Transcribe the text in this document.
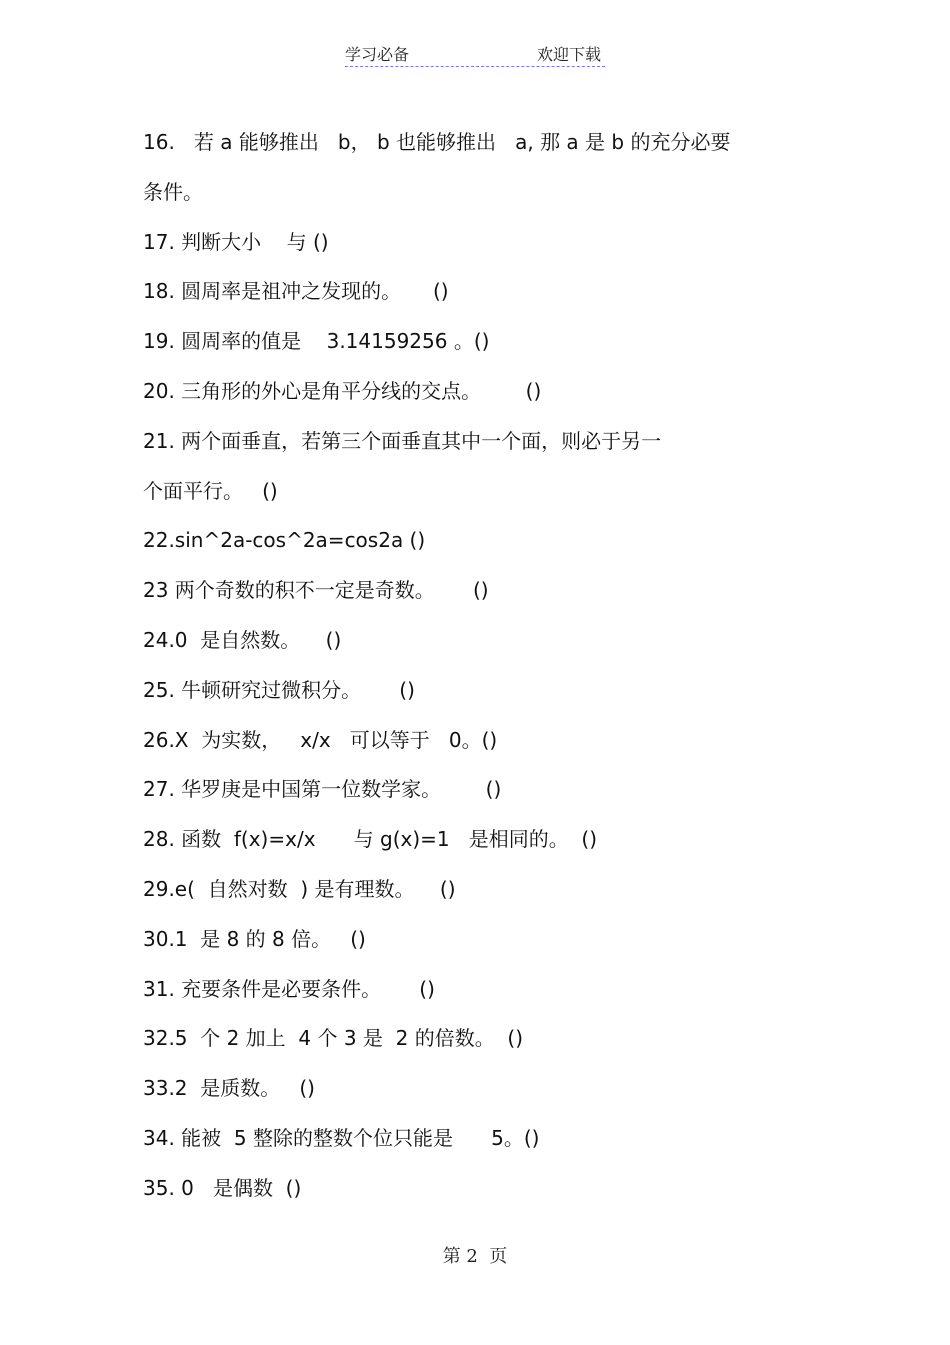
学习必备	欢迎下载
16.   若 a 能够推出   b， b 也能够推出   a, 那 a 是 b 的充分必要
条件。
17. 判断大小    与 ()
18. 圆周率是祖冲之发现的。     ()
19. 圆周率的值是    3.14159256 。()
20. 三角形的外心是角平分线的交点。       ()
21. 两个面垂直，若第三个面垂直其中一个面，则必于另一
个面平行。   ()
22.sin^2a-cos^2a=cos2a ()
23 两个奇数的积不一定是奇数。      ()
24.0  是自然数。    ()
25. 牛顿研究过微积分。      ()
26.X  为实数，   x/x   可以等于   0。()
27. 华罗庚是中国第一位数学家。       ()
28. 函数  f(x)=x/x      与 g(x)=1   是相同的。  ()
29.e(  自然对数  ) 是有理数。    ()
30.1  是 8 的 8 倍。   ()
31. 充要条件是必要条件。      ()
32.5  个 2 加上  4 个 3 是  2 的倍数。  ()
33.2  是质数。   ()
34. 能被  5 整除的整数个位只能是      5。()
35. 0   是偶数  ()
第 2  页
